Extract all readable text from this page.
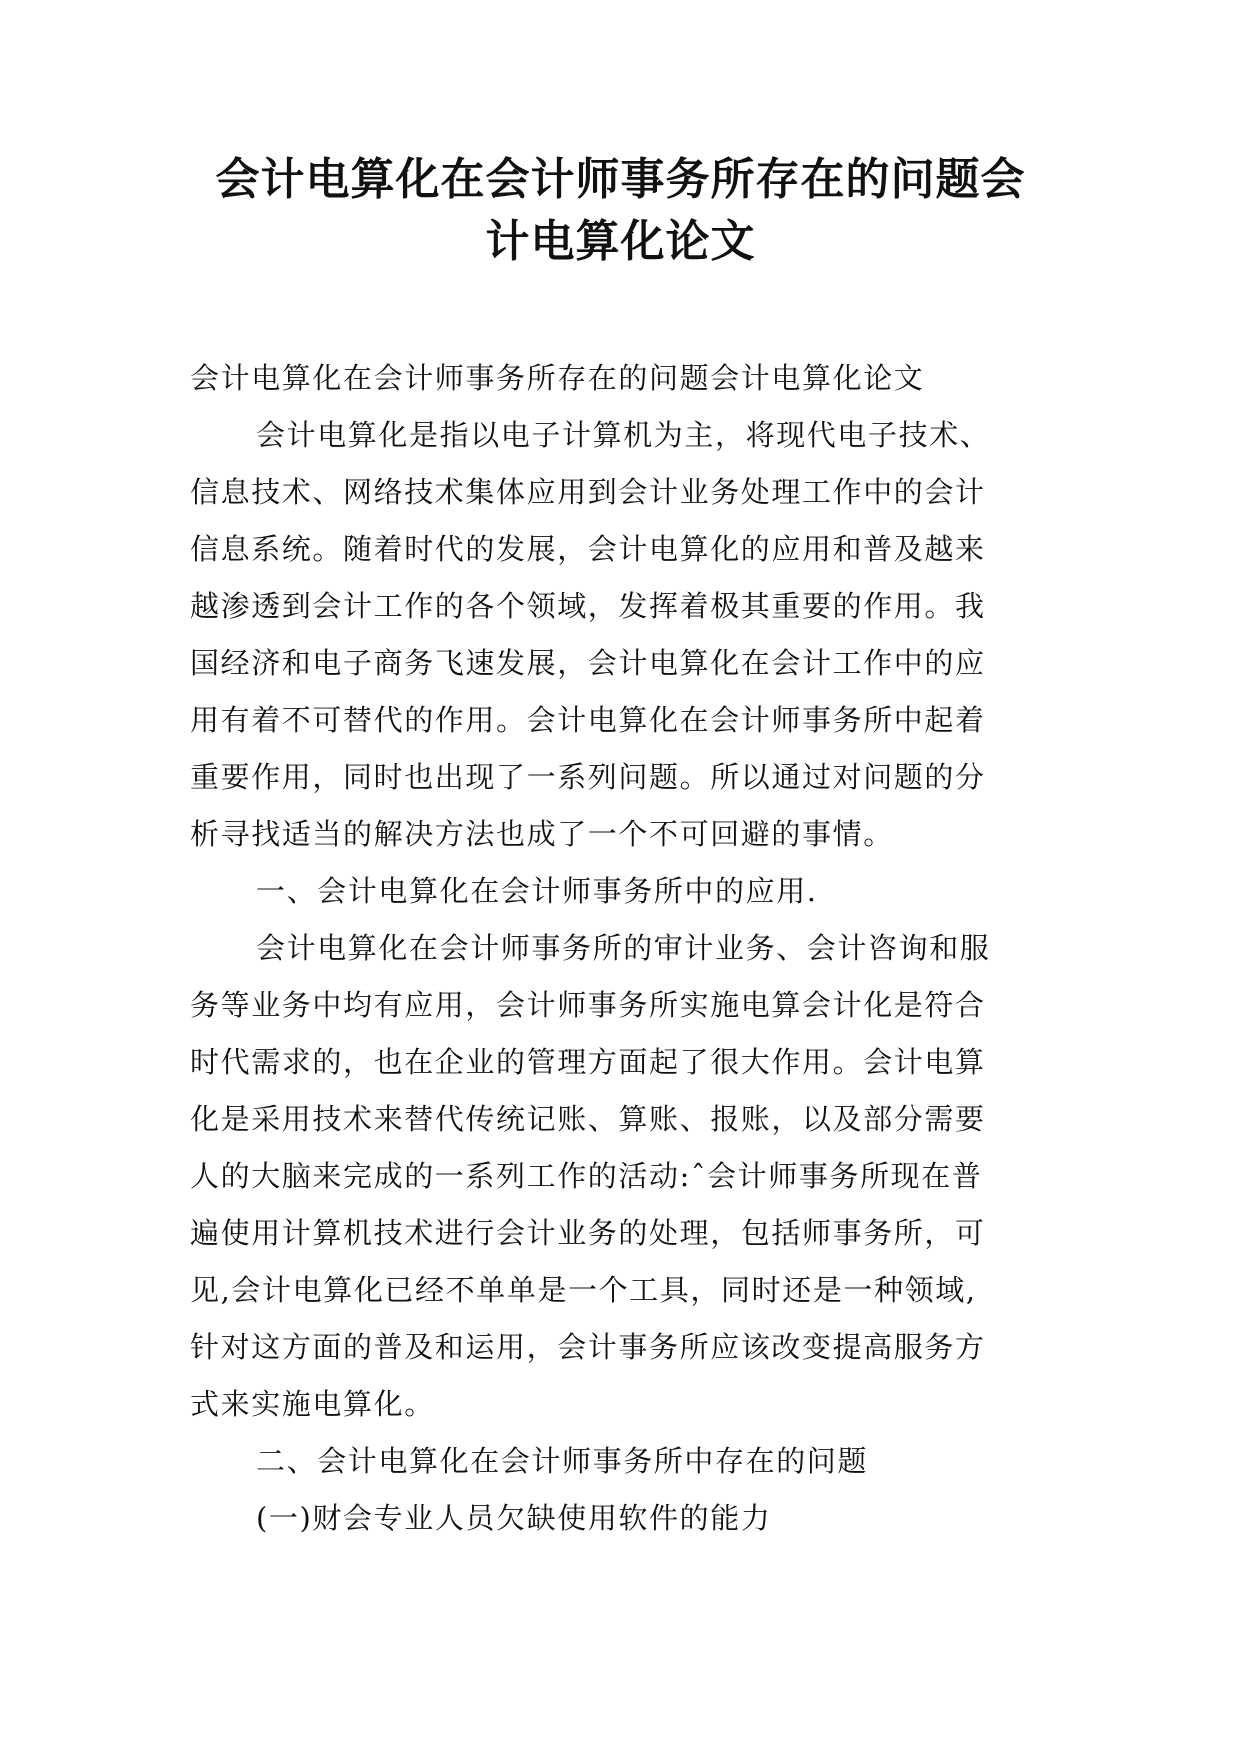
会计电算化在会计师事务所存在的问题会
计电算化论文
会计电算化在会计师事务所存在的问题会计电算化论文
会计电算化是指以电子计算机为主，将现代电子技术、
信息技术、网络技术集体应用到会计业务处理工作中的会计
信息系统。随着时代的发展，会计电算化的应用和普及越来
越渗透到会计工作的各个领域，发挥着极其重要的作用。我
国经济和电子商务飞速发展，会计电算化在会计工作中的应
用有着不可替代的作用。会计电算化在会计师事务所中起着
重要作用，同时也出现了一系列问题。所以通过对问题的分
析寻找适当的解决方法也成了一个不可回避的事情。
一、会计电算化在会计师事务所中的应用.
会计电算化在会计师事务所的审计业务、会计咨询和服
务等业务中均有应用，会计师事务所实施电算会计化是符合
时代需求的，也在企业的管理方面起了很大作用。会计电算
化是采用技术来替代传统记账、算账、报账，以及部分需要
人的大脑来完成的一系列工作的活动:ˆ会计师事务所现在普
遍使用计算机技术进行会计业务的处理，包括师事务所，可
见,会计电算化已经不单单是一个工具，同时还是一种领域,
针对这方面的普及和运用，会计事务所应该改变提高服务方
式来实施电算化。
二、会计电算化在会计师事务所中存在的问题
(一)财会专业人员欠缺使用软件的能力
